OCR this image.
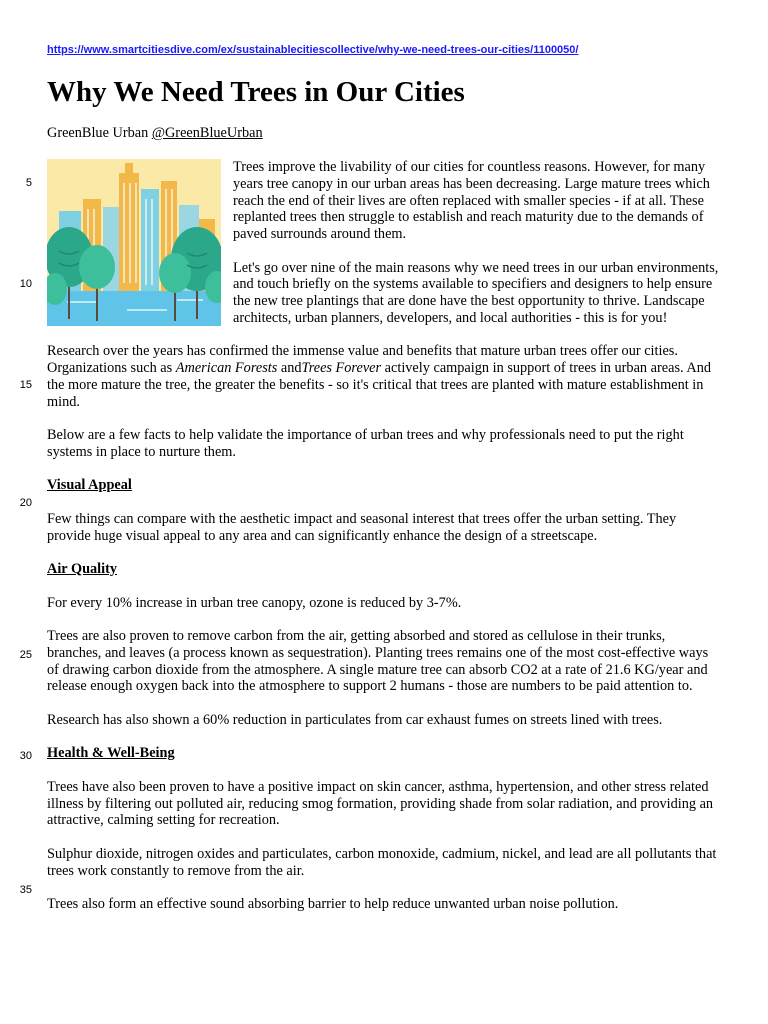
https://www.smartcitiesdive.com/ex/sustainablecitiescollective/why-we-need-trees-our-cities/1100050/
Why We Need Trees in Our Cities
GreenBlue Urban @GreenBlueUrban
5
10
15
20
25
30
35

Trees improve the livability of our cities for countless reasons. However, for many years tree canopy in our urban areas has been decreasing. Large mature trees which reach the end of their lives are often replaced with smaller species - if at all. These replanted trees then struggle to establish and reach maturity due to the demands of paved surrounds around them.

Let's go over nine of the main reasons why we need trees in our urban environments, and touch briefly on the systems available to specifiers and designers to help ensure the new tree plantings that are done have the best opportunity to thrive. Landscape architects, urban planners, developers, and local authorities - this is for you!

Research over the years has confirmed the immense value and benefits that mature urban trees offer our cities. Organizations such as American Forests andTrees Forever actively campaign in support of trees in urban areas. And the more mature the tree, the greater the benefits - so it's critical that trees are planted with mature establishment in mind.

Below are a few facts to help validate the importance of urban trees and why professionals need to put the right systems in place to nurture them.

Visual Appeal

Few things can compare with the aesthetic impact and seasonal interest that trees offer the urban setting. They provide huge visual appeal to any area and can significantly enhance the design of a streetscape.

Air Quality

For every 10% increase in urban tree canopy, ozone is reduced by 3-7%.

Trees are also proven to remove carbon from the air, getting absorbed and stored as cellulose in their trunks, branches, and leaves (a process known as sequestration). Planting trees remains one of the most cost-effective ways of drawing carbon dioxide from the atmosphere. A single mature tree can absorb CO2 at a rate of 21.6 KG/year and release enough oxygen back into the atmosphere to support 2 humans - those are numbers to be paid attention to.

Research has also shown a 60% reduction in particulates from car exhaust fumes on streets lined with trees.

Health & Well-Being

Trees have also been proven to have a positive impact on skin cancer, asthma, hypertension, and other stress related illness by filtering out polluted air, reducing smog formation, providing shade from solar radiation, and providing an attractive, calming setting for recreation.

Sulphur dioxide, nitrogen oxides and particulates, carbon monoxide, cadmium, nickel, and lead are all pollutants that trees work constantly to remove from the air.

Trees also form an effective sound absorbing barrier to help reduce unwanted urban noise pollution.
